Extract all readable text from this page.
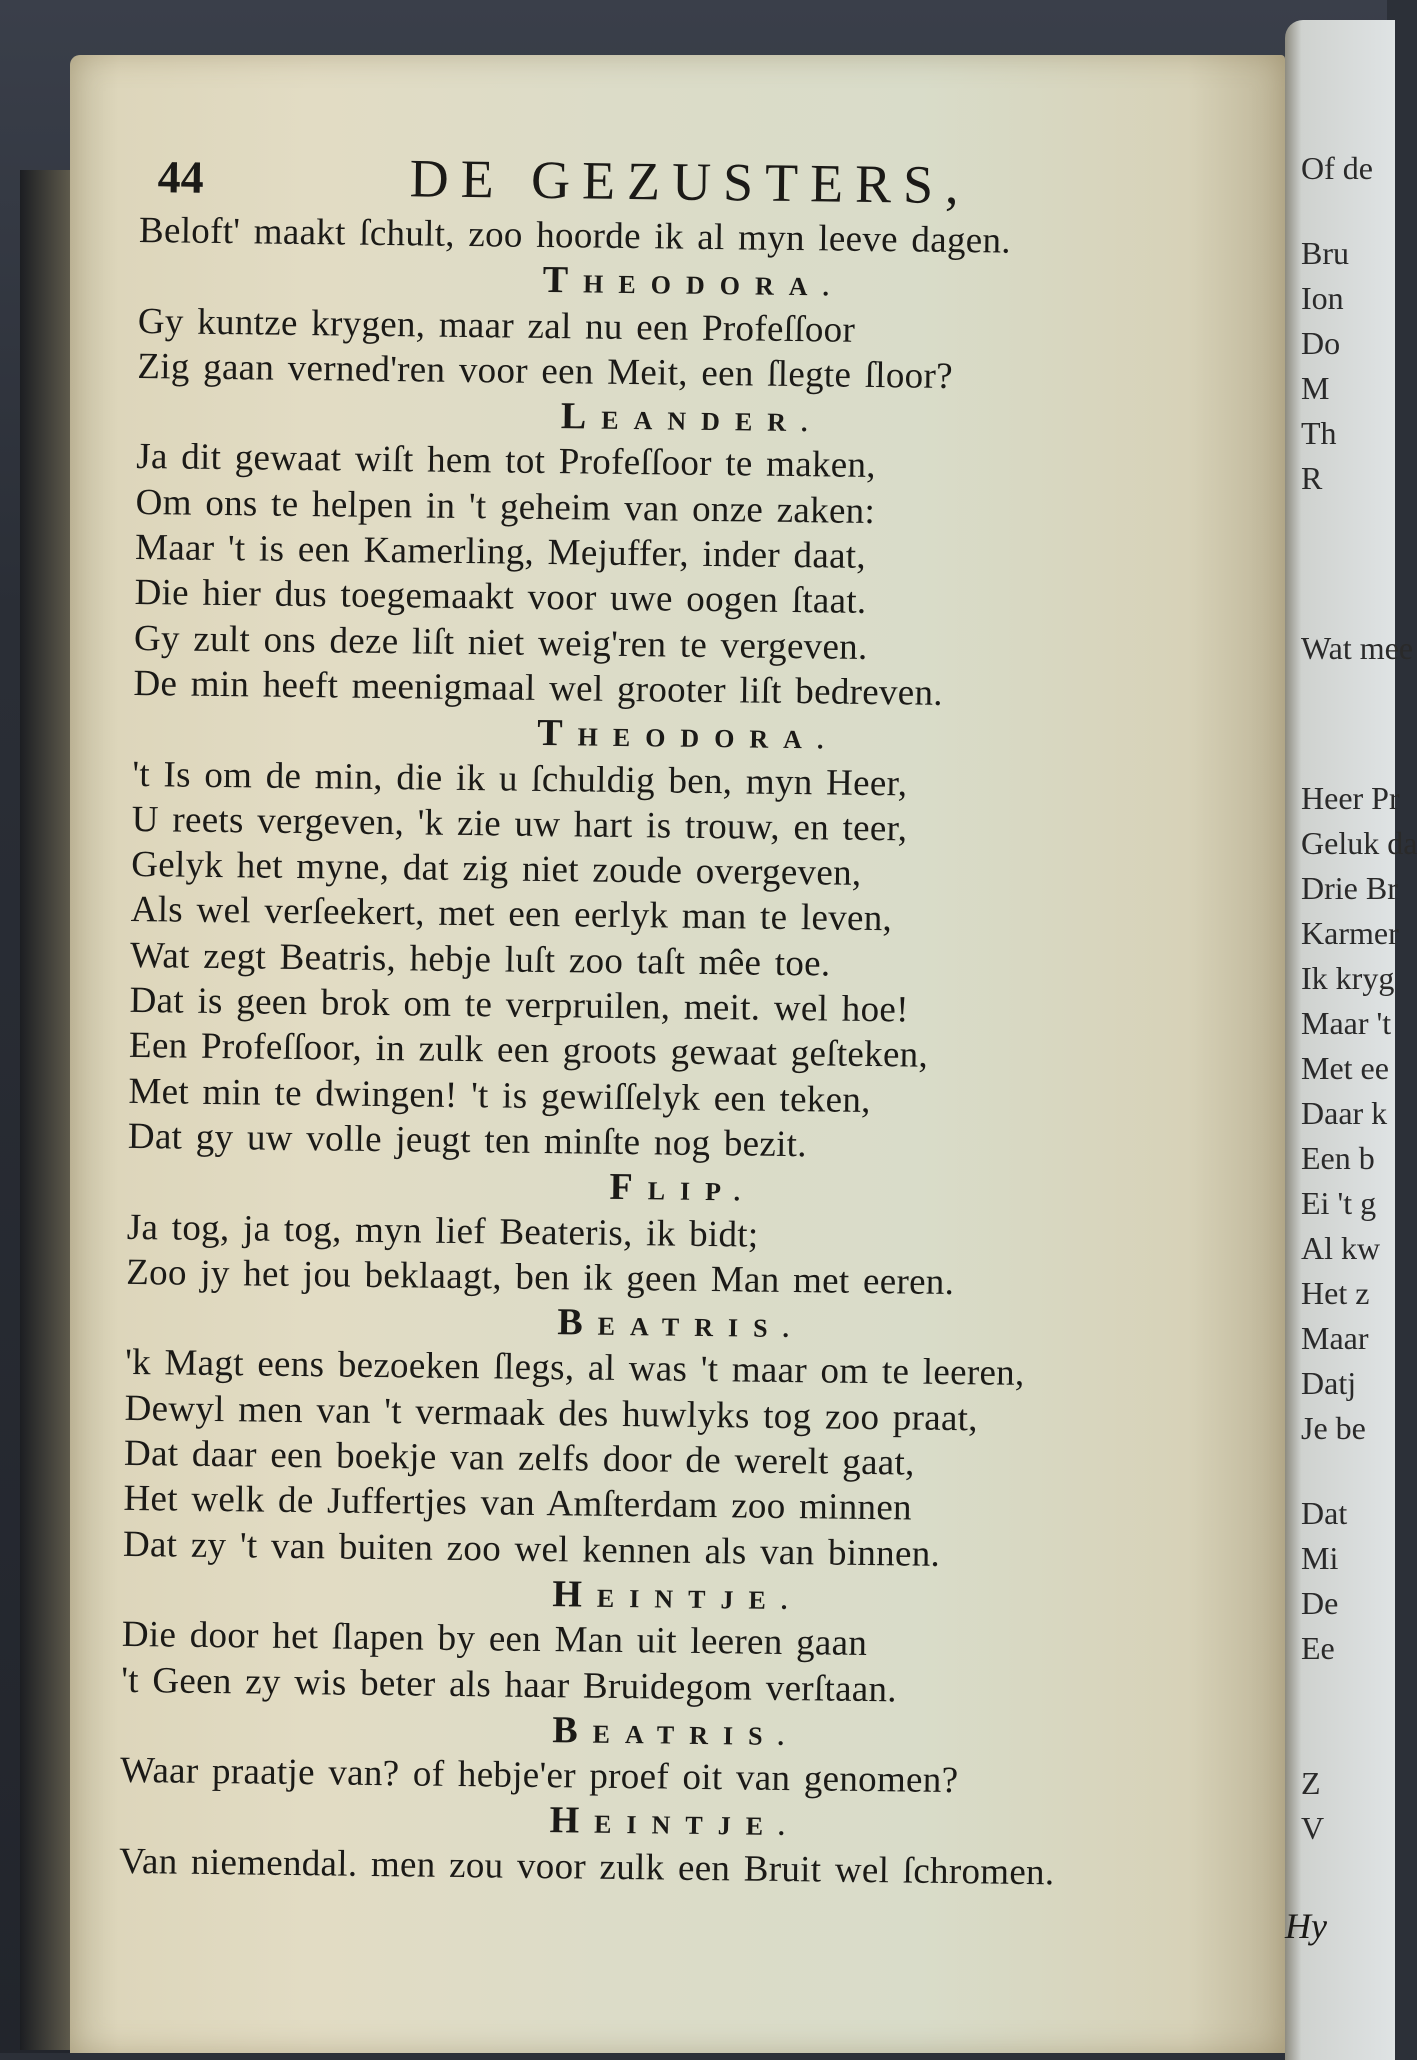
Of de
Bru
Ion
Do
M
Th
R
Wat mee
Heer Pr
Geluk da
Drie Br
Karmer
Ik kryg
Maar 't
Met ee
Daar k
Een b
Ei 't g
Al kw
Het z
Maar
Datj
Je be
Dat
Mi
De
Ee
Z
V
44	DE GEZUSTERS,
Beloft' maakt ſchult, zoo hoorde ik al myn leeve dagen.
THEODORA.
Gy kuntze krygen, maar zal nu een Profeſſoor
Zig gaan verned'ren voor een Meit, een ſlegte ſloor?
LEANDER.
Ja dit gewaat wiſt hem tot Profeſſoor te maken,
Om ons te helpen in 't geheim van onze zaken:
Maar 't is een Kamerling, Mejuffer, inder daat,
Die hier dus toegemaakt voor uwe oogen ſtaat.
Gy zult ons deze liſt niet weig'ren te vergeven.
De min heeft meenigmaal wel grooter liſt bedreven.
THEODORA.
't Is om de min, die ik u ſchuldig ben, myn Heer,
U reets vergeven, 'k zie uw hart is trouw, en teer,
Gelyk het myne, dat zig niet zoude overgeven,
Als wel verſeekert, met een eerlyk man te leven,
Wat zegt Beatris, hebje luſt zoo taſt mêe toe.
Dat is geen brok om te verpruilen, meit. wel hoe!
Een Profeſſoor, in zulk een groots gewaat geſteken,
Met min te dwingen! 't is gewiſſelyk een teken,
Dat gy uw volle jeugt ten minſte nog bezit.
FLIP.
Ja tog, ja tog, myn lief Beateris, ik bidt;
Zoo jy het jou beklaagt, ben ik geen Man met eeren.
BEATRIS.
'k Magt eens bezoeken ſlegs, al was 't maar om te leeren,
Dewyl men van 't vermaak des huwlyks tog zoo praat,
Dat daar een boekje van zelfs door de werelt gaat,
Het welk de Juffertjes van Amſterdam zoo minnen
Dat zy 't van buiten zoo wel kennen als van binnen.
HEINTJE.
Die door het ſlapen by een Man uit leeren gaan
't Geen zy wis beter als haar Bruidegom verſtaan.
BEATRIS.
Waar praatje van? of hebje'er proef oit van genomen?
HEINTJE.
Van niemendal. men zou voor zulk een Bruit wel ſchromen.
Hy
